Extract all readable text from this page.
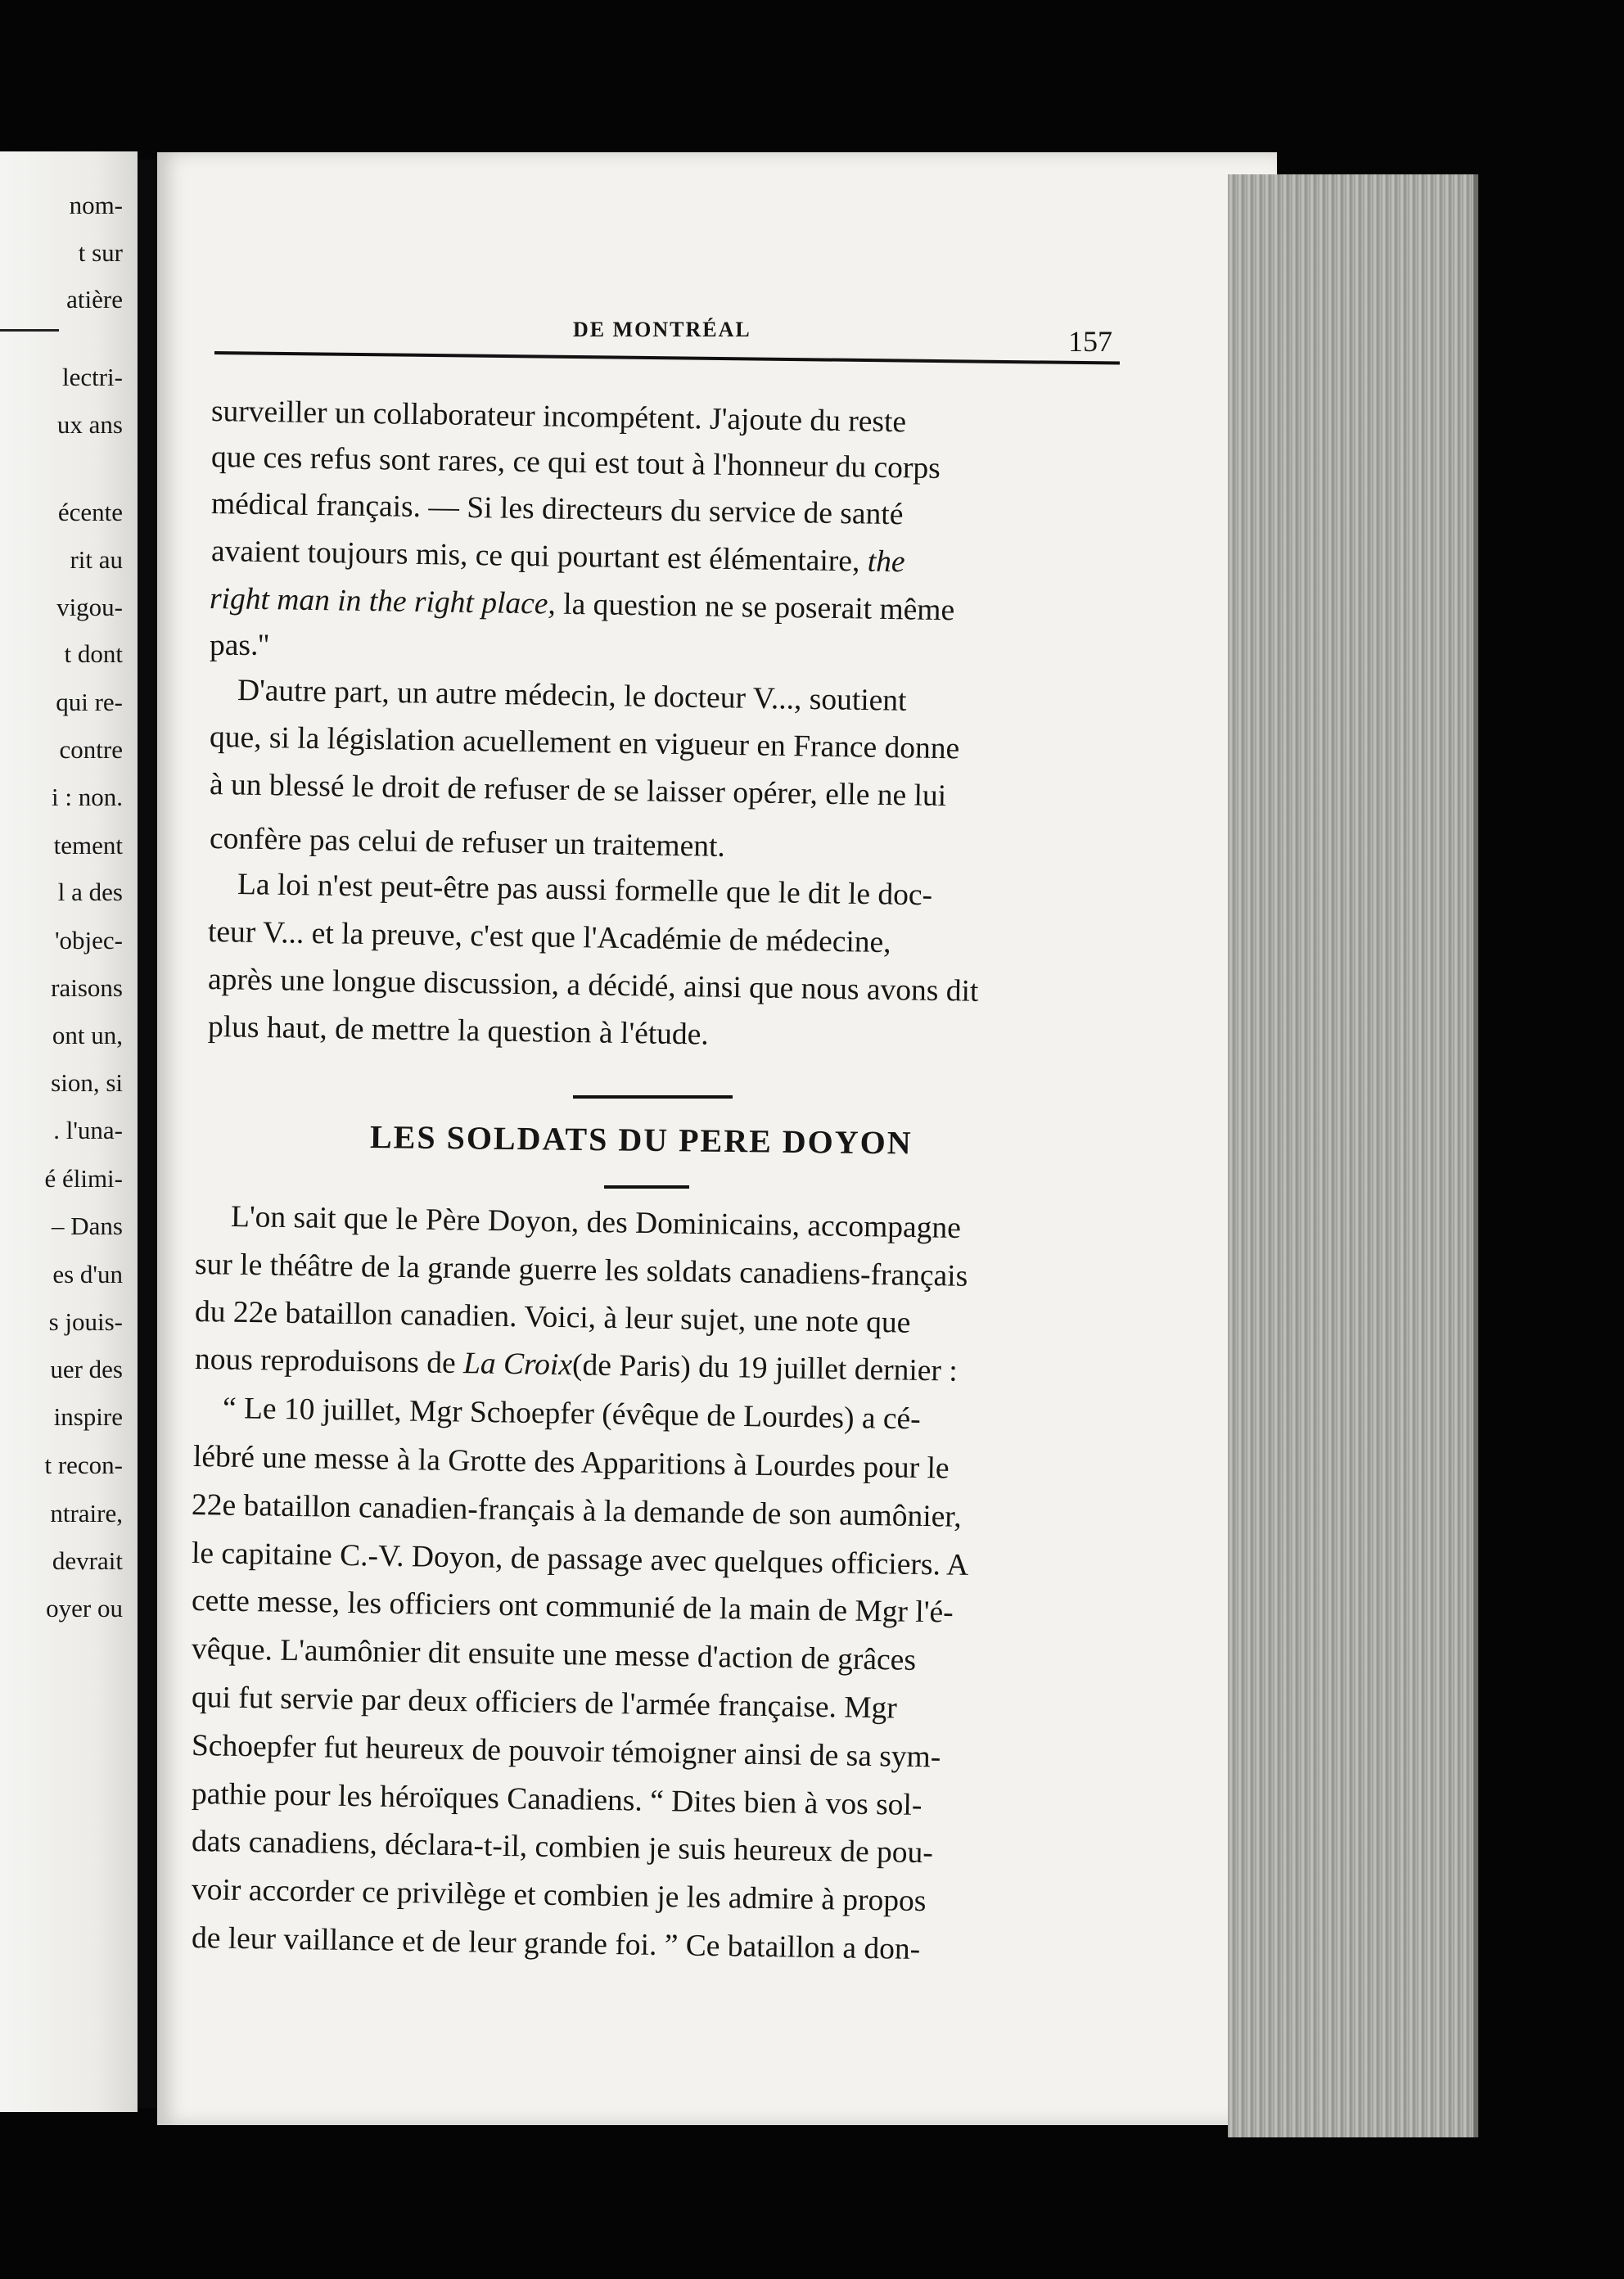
nom-
t sur
atière
lectri-
ux ans
écente
rit au
vigou-
t dont
qui re-
contre
i : non.
tement
l a des
'objec-
raisons
ont un,
sion, si
. l'una-
é élimi-
– Dans
es d'un
s jouis-
uer des
inspire
t recon-
ntraire,
devrait
oyer ou
DE MONTRÉAL	157
surveiller un collaborateur incompétent. J'ajoute du reste
que ces refus sont rares, ce qui est tout à l'honneur du corps
médical français. — Si les directeurs du service de santé
avaient toujours mis, ce qui pourtant est élémentaire, the
right man in the right place, la question ne se poserait même
pas.''
D'autre part, un autre médecin, le docteur V..., soutient
que, si la législation acuellement en vigueur en France donne
à un blessé le droit de refuser de se laisser opérer, elle ne lui
confère pas celui de refuser un traitement.
La loi n'est peut-être pas aussi formelle que le dit le doc-
teur V... et la preuve, c'est que l'Académie de médecine,
après une longue discussion, a décidé, ainsi que nous avons dit
plus haut, de mettre la question à l'étude.
LES SOLDATS DU PERE DOYON
L'on sait que le Père Doyon, des Dominicains, accompagne
sur le théâtre de la grande guerre les soldats canadiens-français
du 22e bataillon canadien. Voici, à leur sujet, une note que
nous reproduisons de La Croix(de Paris) du 19 juillet dernier :
“ Le 10 juillet, Mgr Schoepfer (évêque de Lourdes) a cé-
lébré une messe à la Grotte des Apparitions à Lourdes pour le
22e bataillon canadien-français à la demande de son aumônier,
le capitaine C.-V. Doyon, de passage avec quelques officiers. A
cette messe, les officiers ont communié de la main de Mgr l'é-
vêque. L'aumônier dit ensuite une messe d'action de grâces
qui fut servie par deux officiers de l'armée française. Mgr
Schoepfer fut heureux de pouvoir témoigner ainsi de sa sym-
pathie pour les héroïques Canadiens. “ Dites bien à vos sol-
dats canadiens, déclara-t-il, combien je suis heureux de pou-
voir accorder ce privilège et combien je les admire à propos
de leur vaillance et de leur grande foi. ” Ce bataillon a don-
